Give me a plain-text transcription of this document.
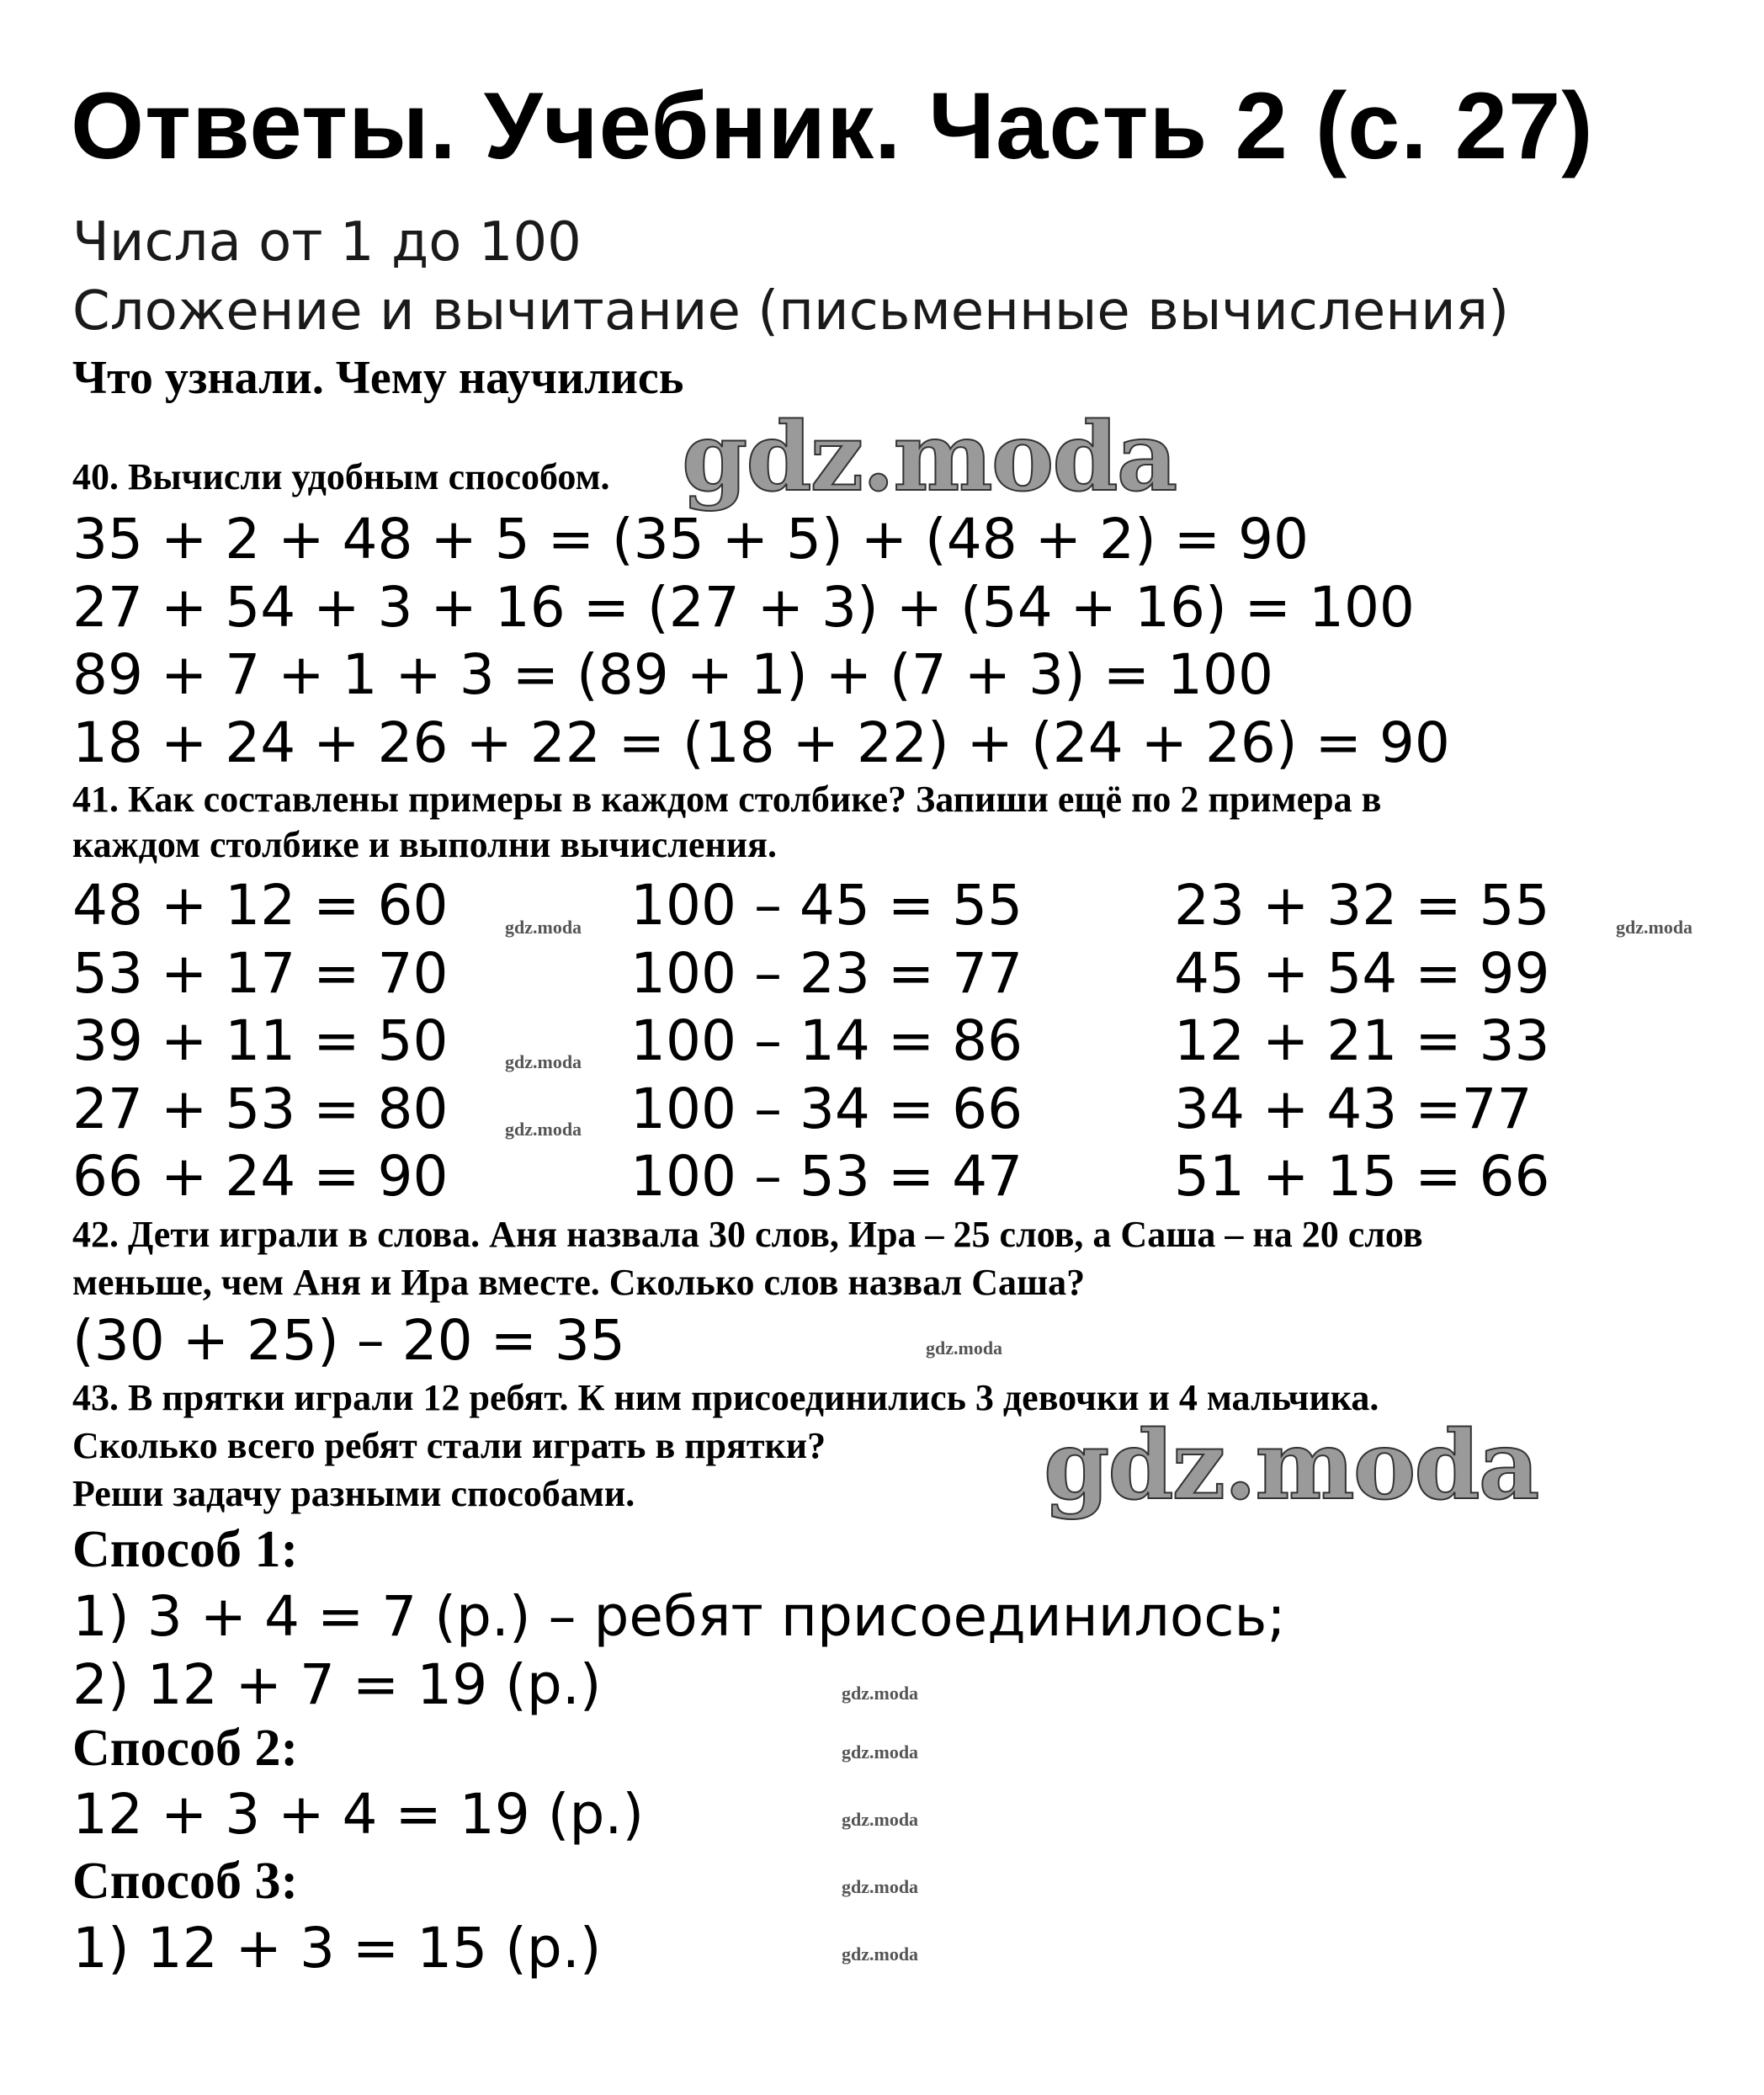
Ответы. Учебник. Часть 2 (с. 27)
Числа от 1 до 100
Сложение и вычитание (письменные вычисления)
Что узнали. Чему научились
40. Вычисли удобным способом.
35 + 2 + 48 + 5 = (35 + 5) + (48 + 2) = 90
27 + 54 + 3 + 16 = (27 + 3) + (54 + 16) = 100
89 + 7 + 1 + 3 = (89 + 1) + (7 + 3) = 100
18 + 24 + 26 + 22 = (18 + 22) + (24 + 26) = 90
41. Как составлены примеры в каждом столбике? Запиши ещё по 2 примера в
каждом столбике и выполни вычисления.
48 + 12 = 60
53 + 17 = 70
39 + 11 = 50
27 + 53 = 80
66 + 24 = 90
100 – 45 = 55
100 – 23 = 77
100 – 14 = 86
100 – 34 = 66
100 – 53 = 47
23 + 32 = 55
45 + 54 = 99
12 + 21 = 33
34 + 43 =77
51 + 15 = 66
42. Дети играли в слова. Аня назвала 30 слов, Ира – 25 слов, а Саша – на 20 слов
меньше, чем Аня и Ира вместе. Сколько слов назвал Саша?
(30 + 25) – 20 = 35
43. В прятки играли 12 ребят. К ним присоединились 3 девочки и 4 мальчика.
Сколько всего ребят стали играть в прятки?
Реши задачу разными способами.
Способ 1:
1) 3 + 4 = 7 (р.) – ребят присоединилось;
2) 12 + 7 = 19 (р.)
Способ 2:
12 + 3 + 4 = 19 (р.)
Способ 3:
1) 12 + 3 = 15 (р.)
gdz.moda
gdz.moda
gdz.moda
gdz.moda
gdz.moda
gdz.moda
gdz.moda
gdz.moda
gdz.moda
gdz.moda
gdz.moda
gdz.moda
